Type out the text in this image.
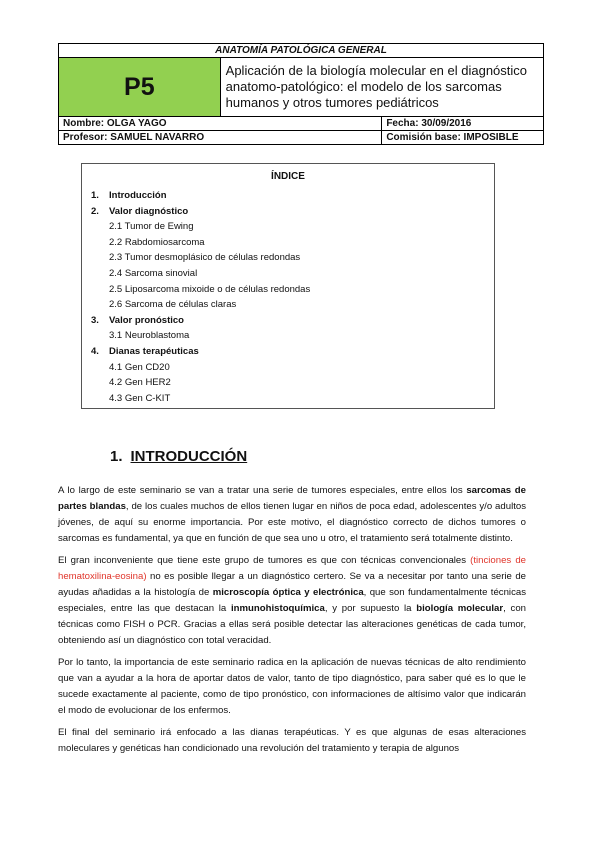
ANATOMÍA PATOLÓGICA GENERAL		
P5	Aplicación de la biología molecular en el diagnóstico anatomo-patológico: el modelo de los sarcomas humanos y otros tumores pediátricos	
Nombre: OLGA YAGO		Fecha: 30/09/2016
Profesor: SAMUEL NAVARRO		Comisión base: IMPOSIBLE
ÍNDICE
1. Introducción
2. Valor diagnóstico
2.1 Tumor de Ewing
2.2 Rabdomiosarcoma
2.3 Tumor desmoplásico de células redondas
2.4 Sarcoma sinovial
2.5 Liposarcoma mixoide o de células redondas
2.6 Sarcoma de células claras
3. Valor pronóstico
3.1 Neuroblastoma
4. Dianas terapéuticas
4.1 Gen CD20
4.2 Gen HER2
4.3 Gen C-KIT
1. INTRODUCCIÓN

A lo largo de este seminario se van a tratar una serie de tumores especiales, entre ellos los sarcomas de partes blandas, de los cuales muchos de ellos tienen lugar en niños de poca edad, adolescentes y/o adultos jóvenes, de aquí su enorme importancia. Por este motivo, el diagnóstico correcto de dichos tumores o sarcomas es fundamental, ya que en función de que sea uno u otro, el tratamiento será totalmente distinto.

El gran inconveniente que tiene este grupo de tumores es que con técnicas convencionales (tinciones de hematoxilina-eosina) no es posible llegar a un diagnóstico certero. Se va a necesitar por tanto una serie de ayudas añadidas a la histología de microscopía óptica y electrónica, que son fundamentalmente técnicas especiales, entre las que destacan la inmunohistoquímica, y por supuesto la biología molecular, con técnicas como FISH o PCR. Gracias a ellas será posible detectar las alteraciones genéticas de cada tumor, obteniendo así un diagnóstico con total veracidad.

Por lo tanto, la importancia de este seminario radica en la aplicación de nuevas técnicas de alto rendimiento que van a ayudar a la hora de aportar datos de valor, tanto de tipo diagnóstico, para saber qué es lo que le sucede exactamente al paciente, como de tipo pronóstico, con informaciones de altísimo valor que indicarán el modo de evolucionar de los enfermos.

El final del seminario irá enfocado a las dianas terapéuticas. Y es que algunas de esas alteraciones moleculares y genéticas han condicionado una revolución del tratamiento y terapia de algunos
